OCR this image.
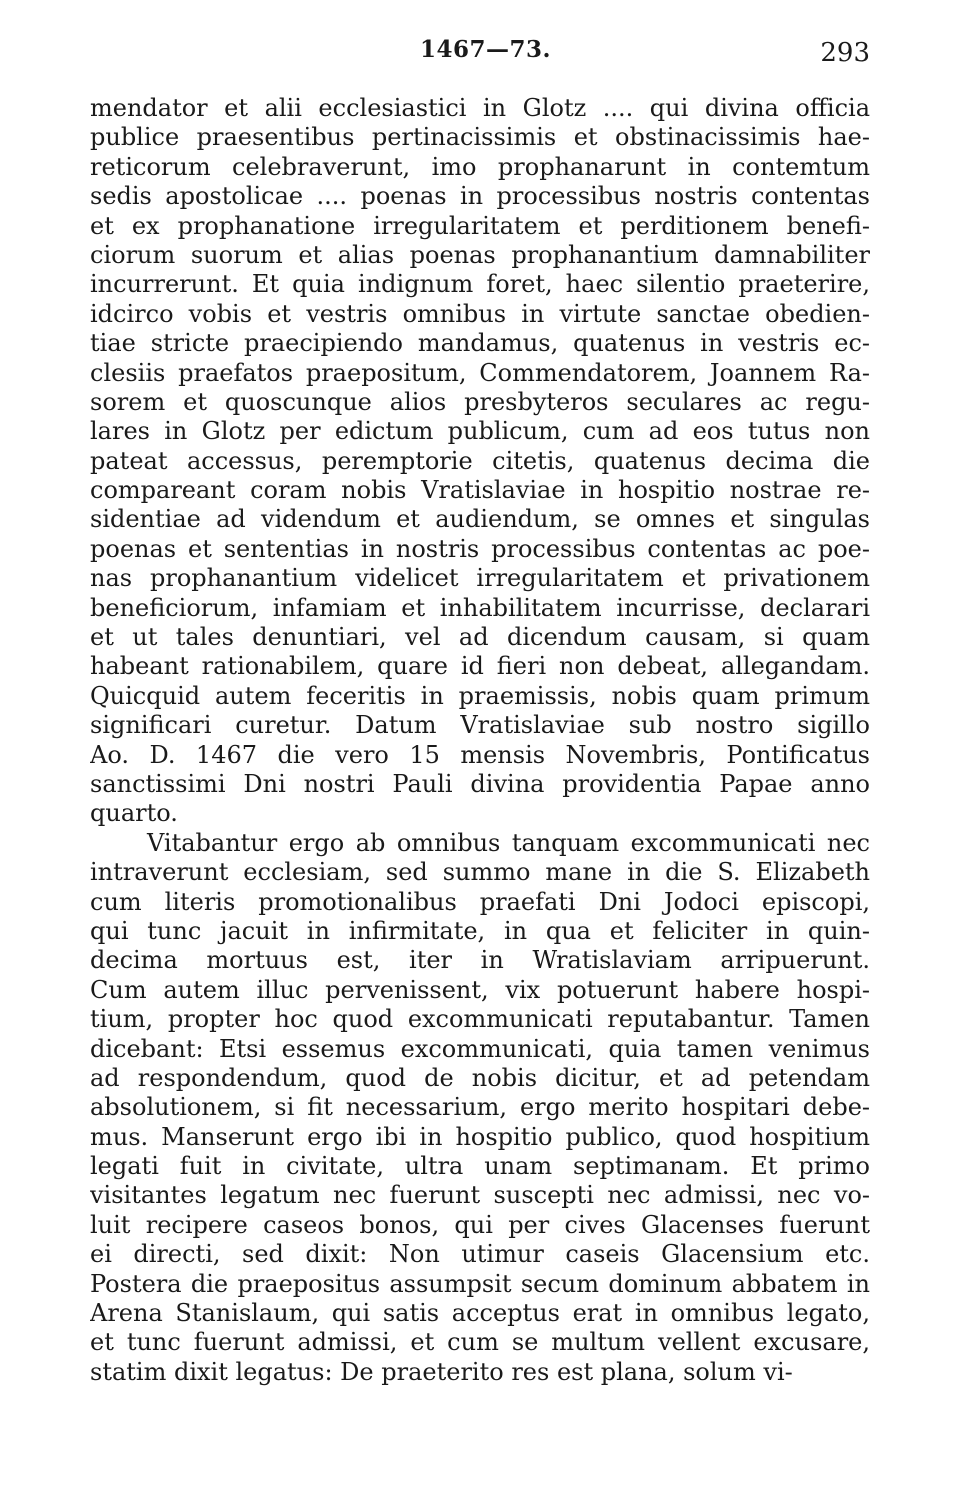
1467—73.	293
mendator et alii ecclesiastici in Glotz .... qui divina officia
publice praesentibus pertinacissimis et obstinacissimis hae-
reticorum celebraverunt, imo prophanarunt in contemtum
sedis apostolicae .... poenas in processibus nostris contentas
et ex prophanatione irregularitatem et perditionem benefi-
ciorum suorum et alias poenas prophanantium damnabiliter
incurrerunt. Et quia indignum foret, haec silentio praeterire,
idcirco vobis et vestris omnibus in virtute sanctae obedien-
tiae stricte praecipiendo mandamus, quatenus in vestris ec-
clesiis praefatos praepositum, Commendatorem, Joannem Ra-
sorem et quoscunque alios presbyteros seculares ac regu-
lares in Glotz per edictum publicum, cum ad eos tutus non
pateat accessus, peremptorie citetis, quatenus decima die
compareant coram nobis Vratislaviae in hospitio nostrae re-
sidentiae ad videndum et audiendum, se omnes et singulas
poenas et sententias in nostris processibus contentas ac poe-
nas prophanantium videlicet irregularitatem et privationem
beneficiorum, infamiam et inhabilitatem incurrisse, declarari
et ut tales denuntiari, vel ad dicendum causam, si quam
habeant rationabilem, quare id fieri non debeat, allegandam.
Quicquid autem feceritis in praemissis, nobis quam primum
significari curetur. Datum Vratislaviae sub nostro sigillo
Ao. D. 1467 die vero 15 mensis Novembris, Pontificatus
sanctissimi Dni nostri Pauli divina providentia Papae anno
quarto.
Vitabantur ergo ab omnibus tanquam excommunicati nec
intraverunt ecclesiam, sed summo mane in die S. Elizabeth
cum literis promotionalibus praefati Dni Jodoci episcopi,
qui tunc jacuit in infirmitate, in qua et feliciter in quin-
decima mortuus est, iter in Wratislaviam arripuerunt.
Cum autem illuc pervenissent, vix potuerunt habere hospi-
tium, propter hoc quod excommunicati reputabantur. Tamen
dicebant: Etsi essemus excommunicati, quia tamen venimus
ad respondendum, quod de nobis dicitur, et ad petendam
absolutionem, si fit necessarium, ergo merito hospitari debe-
mus. Manserunt ergo ibi in hospitio publico, quod hospitium
legati fuit in civitate, ultra unam septimanam. Et primo
visitantes legatum nec fuerunt suscepti nec admissi, nec vo-
luit recipere caseos bonos, qui per cives Glacenses fuerunt
ei directi, sed dixit: Non utimur caseis Glacensium etc.
Postera die praepositus assumpsit secum dominum abbatem in
Arena Stanislaum, qui satis acceptus erat in omnibus legato,
et tunc fuerunt admissi, et cum se multum vellent excusare,
statim dixit legatus: De praeterito res est plana, solum vi-
